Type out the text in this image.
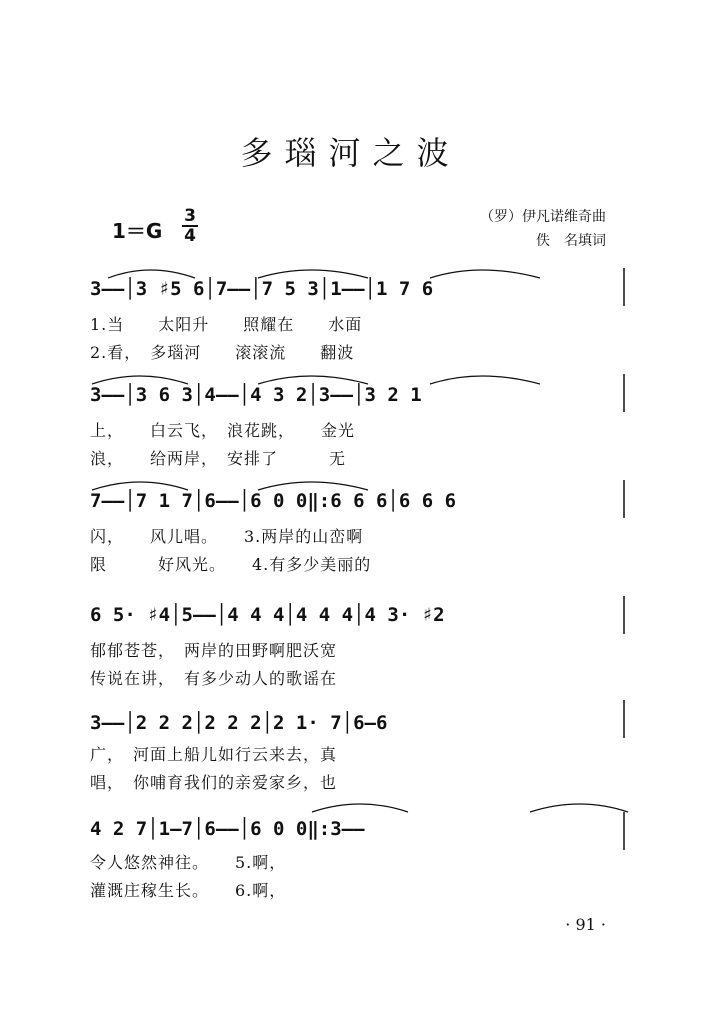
多瑙河之波
1＝G
3
4
（罗）伊凡诺维奇曲
佚　名填词
3——│3 ♯5 6│7——│7 5 3│1——│1 7 6
1.当　　太阳升　　照耀在　　水面
2.看，　多瑙河　　滚滚流　　翻波
3——│3 6 3│4——│4 3 2│3——│3 2 1
上，　　白云飞，　浪花跳，　　金光
浪，　　给两岸，　安排了　　　无
7——│7 1 7│6——│6 0 0‖:6 6 6│6 6 6
闪，　　风儿唱。　　3.两岸的山峦啊
限　　　好风光。　　4.有多少美丽的
6 5· ♯4│5——│4 4 4│4 4 4│4 3· ♯2
郁郁苍苍，　两岸的田野啊肥沃宽
传说在讲，　有多少动人的歌谣在
3——│2 2 2│2 2 2│2 1· 7│6—6
广，　河面上船儿如行云来去，真
唱，　你哺育我们的亲爱家乡，也
4 2 7│1—7│6——│6 0 0‖:3——
令人悠然神往。　　5.啊，
灌溉庄稼生长。　　6.啊，
· 91 ·
